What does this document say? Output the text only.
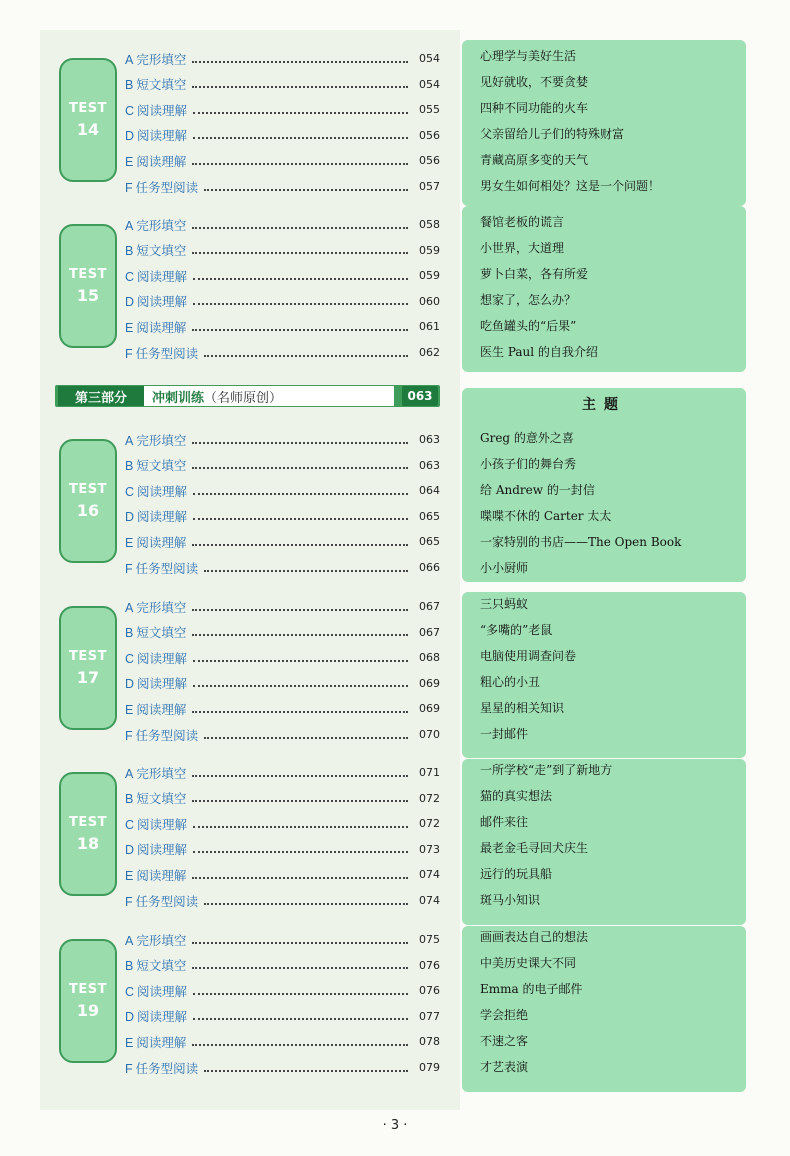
第三部分	冲刺训练 （名师原创）	063
TEST
14
A 完形填空	054
B 短文填空	054
C 阅读理解	055
D 阅读理解	056
E 阅读理解	056
F 任务型阅读	057
心理学与美好生活
见好就收，不要贪婪
四种不同功能的火车
父亲留给儿子们的特殊财富
青藏高原多变的天气
男女生如何相处？这是一个问题！
TEST
15
A 完形填空	058
B 短文填空	059
C 阅读理解	059
D 阅读理解	060
E 阅读理解	061
F 任务型阅读	062
餐馆老板的谎言
小世界，大道理
萝卜白菜，各有所爱
想家了，怎么办？
吃鱼罐头的“后果”
医生 Paul 的自我介绍
TEST
16
A 完形填空	063
B 短文填空	063
C 阅读理解	064
D 阅读理解	065
E 阅读理解	065
F 任务型阅读	066
Greg 的意外之喜
小孩子们的舞台秀
给 Andrew 的一封信
喋喋不休的 Carter 太太
一家特别的书店——The Open Book
小小厨师
TEST
17
A 完形填空	067
B 短文填空	067
C 阅读理解	068
D 阅读理解	069
E 阅读理解	069
F 任务型阅读	070
三只蚂蚁
“多嘴的”老鼠
电脑使用调查问卷
粗心的小丑
星星的相关知识
一封邮件
TEST
18
A 完形填空	071
B 短文填空	072
C 阅读理解	072
D 阅读理解	073
E 阅读理解	074
F 任务型阅读	074
一所学校“走”到了新地方
猫的真实想法
邮件来往
最老金毛寻回犬庆生
远行的玩具船
斑马小知识
TEST
19
A 完形填空	075
B 短文填空	076
C 阅读理解	076
D 阅读理解	077
E 阅读理解	078
F 任务型阅读	079
画画表达自己的想法
中美历史课大不同
Emma 的电子邮件
学会拒绝
不速之客
才艺表演
· 3 ·
主题
